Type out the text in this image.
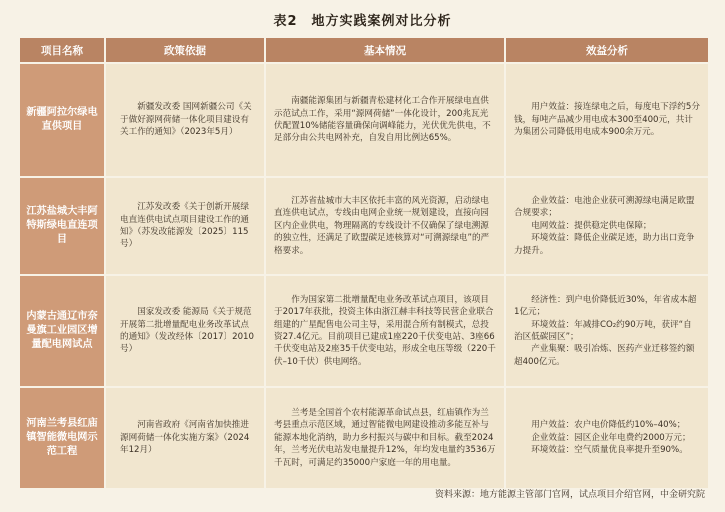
表2　地方实践案例对比分析
项目名称	政策依据	基本情况	效益分析
新疆阿拉尔绿电直供项目	新疆发改委 国网新疆公司《关于做好源网荷储一体化项目建设有关工作的通知》（2023年5月）	南疆能源集团与新疆青松建材化工合作开展绿电直供示范试点工作，采用“源网荷储”一体化设计，200兆瓦光伏配置10%储能容量确保向调峰能力，光伏优先供电，不足部分由公共电网补充，自发自用比例达65%。	用户效益：接连绿电之后，每度电下浮约5分钱，每吨产品减少用电成本300至400元，共计为集团公司降低用电成本900余万元。

江苏盐城大丰阿特斯绿电直连项目	江苏发改委《关于创新开展绿电直连供电试点项目建设工作的通知》（苏发改能源发〔2025〕115号）	江苏省盐城市大丰区依托丰富的风光资源，启动绿电直连供电试点，专线由电网企业统一规划建设，直接向园区内企业供电，物理隔离的专线设计不仅确保了绿电溯源的独立性，还满足了欧盟碳足迹核算对“可溯源绿电”的严格要求。	企业效益：电池企业获可溯源绿电满足欧盟合规要求；
电网效益：提供稳定供电保障；
环境效益：降低企业碳足迹，助力出口竞争力提升。

内蒙古通辽市奈曼旗工业园区增量配电网试点	国家发改委 能源局《关于规范开展第二批增量配电业务改革试点的通知》（发改经体〔2017〕2010号）	作为国家第二批增量配电业务改革试点项目，该项目于2017年获批，投资主体由浙江赫丰科技等民营企业联合组建的广星配售电公司主导，采用混合所有制模式，总投资27.4亿元。目前项目已建成1座220千伏变电站、3座66千伏变电站及2座35千伏变电站，形成全电压等级（220千伏–10千伏）供电网络。	经济性：到户电价降低近30%，年省成本超1亿元；
环境效益：年减排CO₂约90万吨，获评“自治区低碳园区”；
产业集聚：吸引冶炼、医药产业迁移签约额超400亿元。

河南兰考县红庙镇智能微电网示范工程	河南省政府《河南省加快推进源网荷储一体化实施方案》（2024年12月）	兰考是全国首个农村能源革命试点县，红庙镇作为兰考县重点示范区域，通过智能微电网建设推动多能互补与能源本地化消纳，助力乡村振兴与碳中和目标。截至2024年，兰考光伏电站发电量提升12%，年均发电量约3536万千瓦时，可满足约35000户家庭一年的用电量。	用户效益：农户电价降低约10%–40%；
企业效益：园区企业年电费约2000万元；
环境效益：空气质量优良率提升至90%。
资料来源：地方能源主管部门官网，试点项目介绍官网，中金研究院
